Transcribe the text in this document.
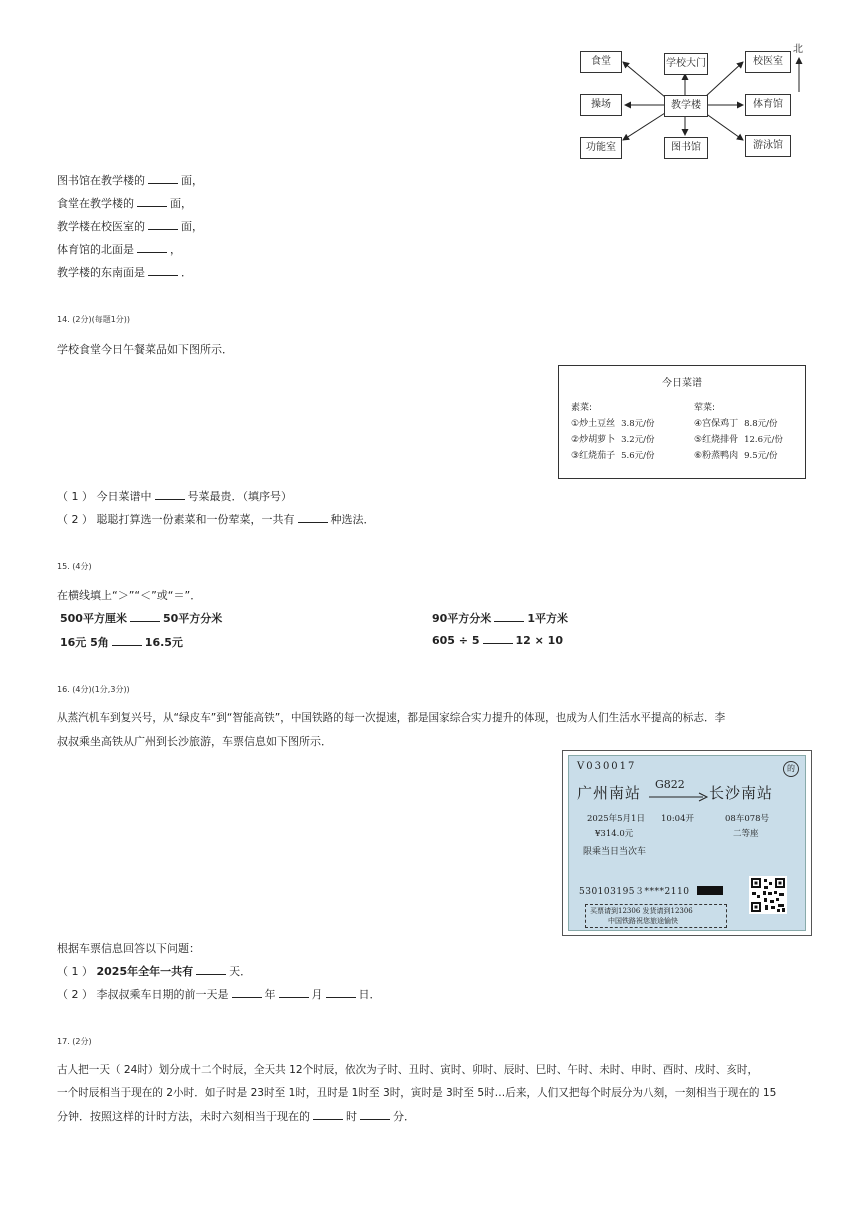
北
食堂	学校大门	校医室
操场	教学楼	体育馆
功能室	图书馆	游泳馆
图书馆在教学楼的	面，
食堂在教学楼的	面，
教学楼在校医室的	面，
体育馆的北面是	，
教学楼的东南面是	．
14. (2分)(每题1分))
学校食堂今日午餐菜品如下图所示．
今日菜谱
素菜:
①炒土豆丝 3.8元/份
②炒胡萝卜 3.2元/份
③红烧茄子 5.6元/份
荤菜:
④宫保鸡丁 8.8元/份
⑤红烧排骨 12.6元/份
⑥粉蒸鸭肉 9.5元/份
（ 1 ） 今日菜谱中	号菜最贵．（填序号）
（ 2 ） 聪聪打算选一份素菜和一份荤菜，一共有	种选法．
15. (4分)
在横线填上“＞”“＜”或“＝”．
500平方厘米	50平方分米	90平方分米	1平方米
16元 5角	16.5元	605 ÷ 5	12 × 10
16. (4分)(1分,3分))
从蒸汽机车到复兴号，从“绿皮车”到“智能高铁”，中国铁路的每一次提速，都是国家综合实力提升的体现，也成为人们生活水平提高的标志．李
叔叔乘坐高铁从广州到长沙旅游，车票信息如下图所示．
V030017	的
广州南站 G822 长沙南站
2025年5月1日 10:04开	08车078号
¥314.0元	二等座
限乘当日当次车
530103195３****2110
买票请到12306 发货请到12306
中国铁路祝您旅途愉快
根据车票信息回答以下问题：
（ 1 ） 2025年全年一共有	天．
（ 2 ） 李叔叔乘车日期的前一天是	年	月	日．
17. (2分)
古人把一天（ 24时）划分成十二个时辰，全天共 12个时辰，依次为子时、丑时、寅时、卯时、辰时、巳时、午时、未时、申时、酉时、戌时、亥时，
一个时辰相当于现在的 2小时．如子时是 23时至 1时，丑时是 1时至 3时，寅时是 3时至 5时…后来，人们又把每个时辰分为八刻，一刻相当于现在的 15
分钟．按照这样的计时方法，未时六刻相当于现在的	时	分．
